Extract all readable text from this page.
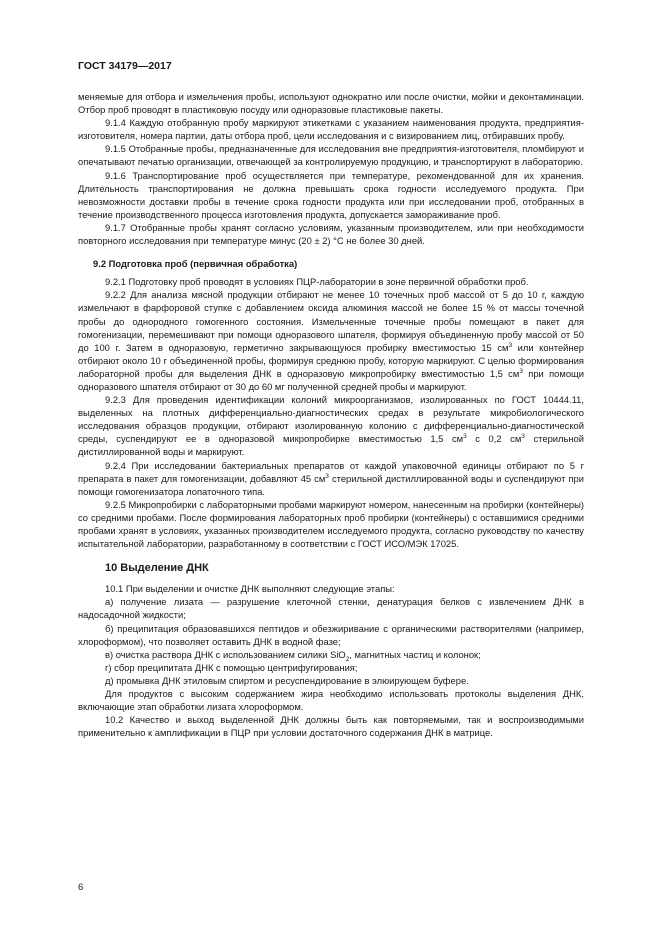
ГОСТ 34179—2017

меняемые для отбора и измельчения пробы, используют однократно или после очистки, мойки и деконтаминации. Отбор проб проводят в пластиковую посуду или одноразовые пластиковые пакеты.

9.1.4 Каждую отобранную пробу маркируют этикетками с указанием наименования продукта, предприятия-изготовителя, номера партии, даты отбора проб, цели исследования и с визированием лиц, отбиравших пробу.

9.1.5 Отобранные пробы, предназначенные для исследования вне предприятия-изготовителя, пломбируют и опечатывают печатью организации, отвечающей за контролируемую продукцию, и транспортируют в лабораторию.

9.1.6 Транспортирование проб осуществляется при температуре, рекомендованной для их хранения. Длительность транспортирования не должна превышать срока годности исследуемого продукта. При невозможности доставки пробы в течение срока годности продукта или при исследовании проб, отобранных в течение производственного процесса изготовления продукта, допускается замораживание проб.

9.1.7 Отобранные пробы хранят согласно условиям, указанным производителем, или при необходимости повторного исследования при температуре минус (20 ± 2) °С не более 30 дней.

9.2 Подготовка проб (первичная обработка)

9.2.1 Подготовку проб проводят в условиях ПЦР-лаборатории в зоне первичной обработки проб.

9.2.2 Для анализа мясной продукции отбирают не менее 10 точечных проб массой от 5 до 10 г, каждую измельчают в фарфоровой ступке с добавлением оксида алюминия массой не более 15 % от массы точечной пробы до однородного гомогенного состояния. Измельченные точечные пробы помещают в пакет для гомогенизации, перемешивают при помощи одноразового шпателя, формируя объединенную пробу массой от 50 до 100 г. Затем в одноразовую, герметично закрывающуюся пробирку вместимостью 15 $см^3$ или контейнер отбирают около 10 г объединенной пробы, формируя среднюю пробу, которую маркируют. С целью формирования лабораторной пробы для выделения ДНК в одноразовую микропробирку вместимостью 1,5 $см^3$ при помощи одноразового шпателя отбирают от 30 до 60 мг полученной средней пробы и маркируют.

9.2.3 Для проведения идентификации колоний микроорганизмов, изолированных по ГОСТ 10444.11, выделенных на плотных дифференциально-диагностических средах в результате микробиологического исследования образцов продукции, отбирают изолированную колонию с дифференциально-диагностической среды, суспендируют ее в одноразовой микропробирке вместимостью 1,5 $см^3$ с 0,2 $см^3$ стерильной дистиллированной воды и маркируют.

9.2.4 При исследовании бактериальных препаратов от каждой упаковочной единицы отбирают по 5 г препарата в пакет для гомогенизации, добавляют 45 $см^3$ стерильной дистиллированной воды и суспендируют при помощи гомогенизатора лопаточного типа.

9.2.5 Микропробирки с лабораторными пробами маркируют номером, нанесенным на пробирки (контейнеры) со средними пробами. После формирования лабораторных проб пробирки (контейнеры) с оставшимися средними пробами хранят в условиях, указанных производителем исследуемого продукта, согласно руководству по качеству испытательной лаборатории, разработанному в соответствии с ГОСТ ИСО/МЭК 17025.

10 Выделение ДНК

10.1 При выделении и очистке ДНК выполняют следующие этапы:

а) получение лизата — разрушение клеточной стенки, денатурация белков с извлечением ДНК в надосадочной жидкости;

б) преципитация образовавшихся пептидов и обезжиривание с органическими растворителями (например, хлороформом), что позволяет оставить ДНК в водной фазе;

в) очистка раствора ДНК с использованием силики SiO$_2$, магнитных частиц и колонок;

г) сбор преципитата ДНК с помощью центрифугирования;

д) промывка ДНК этиловым спиртом и ресуспендирование в элюирующем буфере.

Для продуктов с высоким содержанием жира необходимо использовать протоколы выделения ДНК, включающие этап обработки лизата хлороформом.

10.2 Качество и выход выделенной ДНК должны быть как повторяемыми, так и воспроизводимыми применительно к амплификации в ПЦР при условии достаточного содержания ДНК в матрице.

6
